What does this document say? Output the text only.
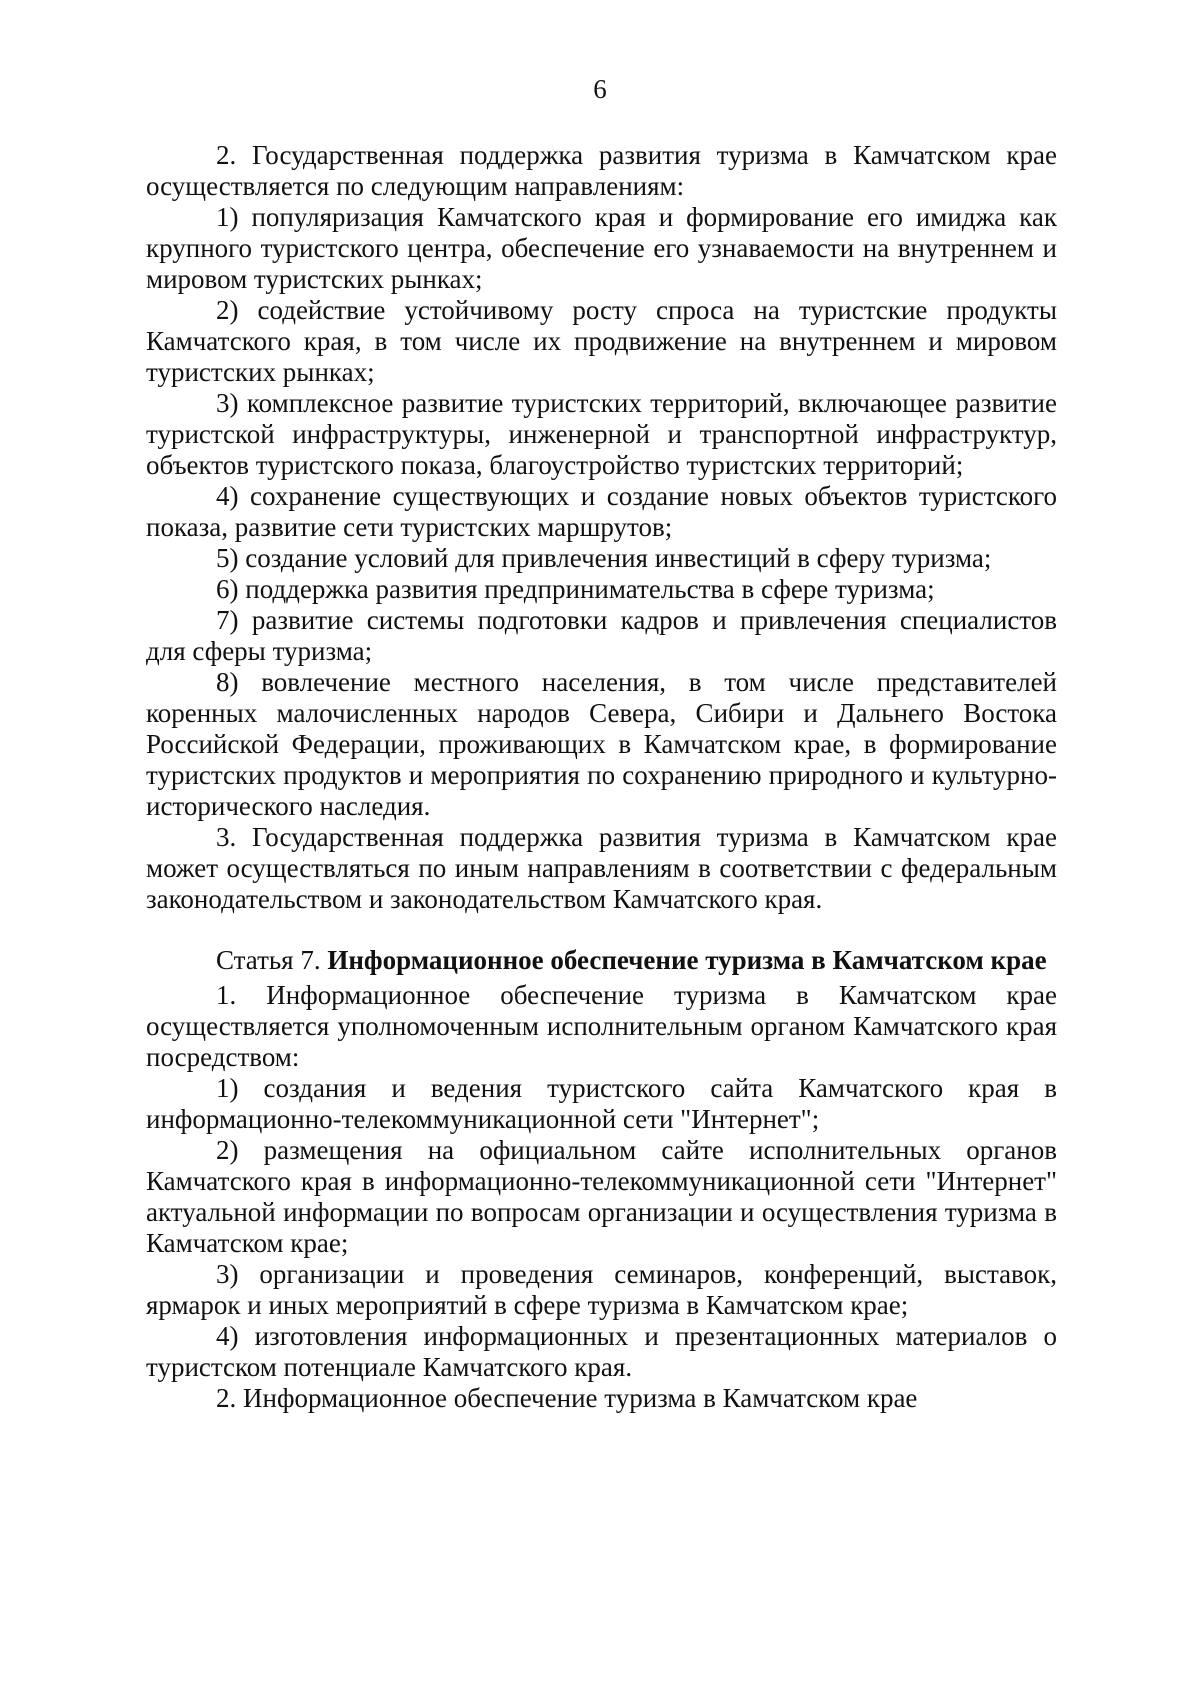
6

2. Государственная поддержка развития туризма в Камчатском крае осуществляется по следующим направлениям:

1) популяризация Камчатского края и формирование его имиджа как крупного туристского центра, обеспечение его узнаваемости на внутреннем и мировом туристских рынках;

2) содействие устойчивому росту спроса на туристские продукты Камчатского края, в том числе их продвижение на внутреннем и мировом туристских рынках;

3) комплексное развитие туристских территорий, включающее развитие туристской инфраструктуры, инженерной и транспортной инфраструктур, объектов туристского показа, благоустройство туристских территорий;

4) сохранение существующих и создание новых объектов туристского показа, развитие сети туристских маршрутов;

5) создание условий для привлечения инвестиций в сферу туризма;

6) поддержка развития предпринимательства в сфере туризма;

7) развитие системы подготовки кадров и привлечения специалистов для сферы туризма;

8) вовлечение местного населения, в том числе представителей коренных малочисленных народов Севера, Сибири и Дальнего Востока Российской Федерации, проживающих в Камчатском крае, в формирование туристских продуктов и мероприятия по сохранению природного и культурно-исторического наследия.

3. Государственная поддержка развития туризма в Камчатском крае может осуществляться по иным направлениям в соответствии с федеральным законодательством и законодательством Камчатского края.

Статья 7. Информационное обеспечение туризма в Камчатском крае

1. Информационное обеспечение туризма в Камчатском крае осуществляется уполномоченным исполнительным органом Камчатского края посредством:

1) создания и ведения туристского сайта Камчатского края в информационно-телекоммуникационной сети "Интернет";

2) размещения на официальном сайте исполнительных органов Камчатского края в информационно-телекоммуникационной сети "Интернет" актуальной информации по вопросам организации и осуществления туризма в Камчатском крае;

3) организации и проведения семинаров, конференций, выставок, ярмарок и иных мероприятий в сфере туризма в Камчатском крае;

4) изготовления информационных и презентационных материалов о туристском потенциале Камчатского края.

2. Информационное обеспечение туризма в Камчатском крае
